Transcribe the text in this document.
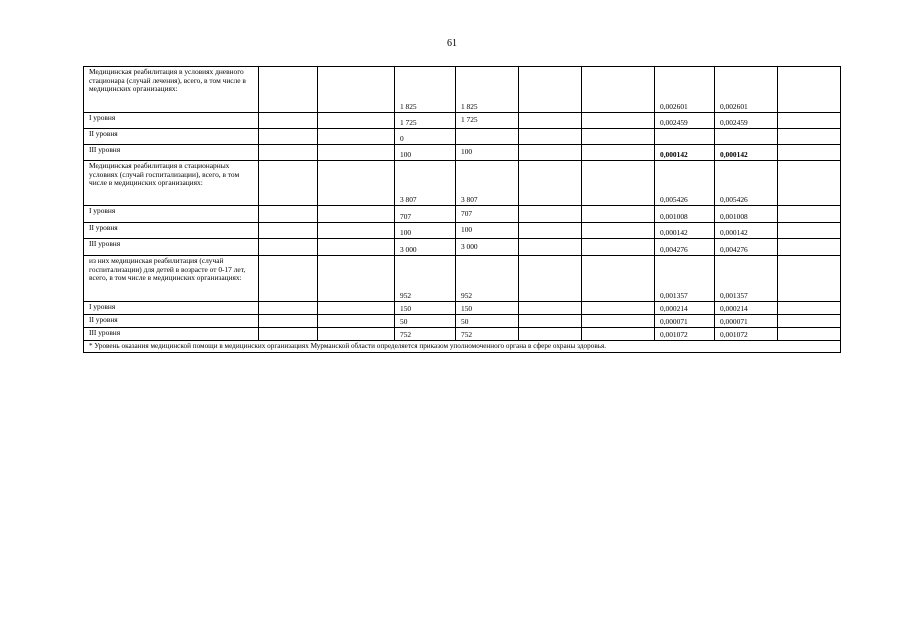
61
Медицинская реабилитация в условиях дневного стационара (случай лечения), всего, в том числе в медицинских организациях:			1 825	1 825			0,002601	0,002601	
I уровня			1 725	1 725			0,002459	0,002459	
II уровня			0						
III уровня			100	100			0,000142	0,000142	
Медицинская реабилитация в стационарных условиях (случай госпитализации), всего, в том числе в медицинских организациях:			3 807	3 807			0,005426	0,005426	
I уровня			707	707			0,001008	0,001008	
II уровня			100	100			0,000142	0,000142	
III уровня			3 000	3 000			0,004276	0,004276	
из них медицинская реабилитация (случай госпитализации) для детей в возрасте от 0-17 лет, всего, в том числе в медицинских организациях:			952	952			0,001357	0,001357	
I уровня			150	150			0,000214	0,000214	
II уровня			50	50			0,000071	0,000071	
III уровня			752	752			0,001072	0,001072	
* Уровень оказания медицинской помощи в медицинских организациях Мурманской области определяется приказом уполномоченного органа в сфере охраны здоровья.									
